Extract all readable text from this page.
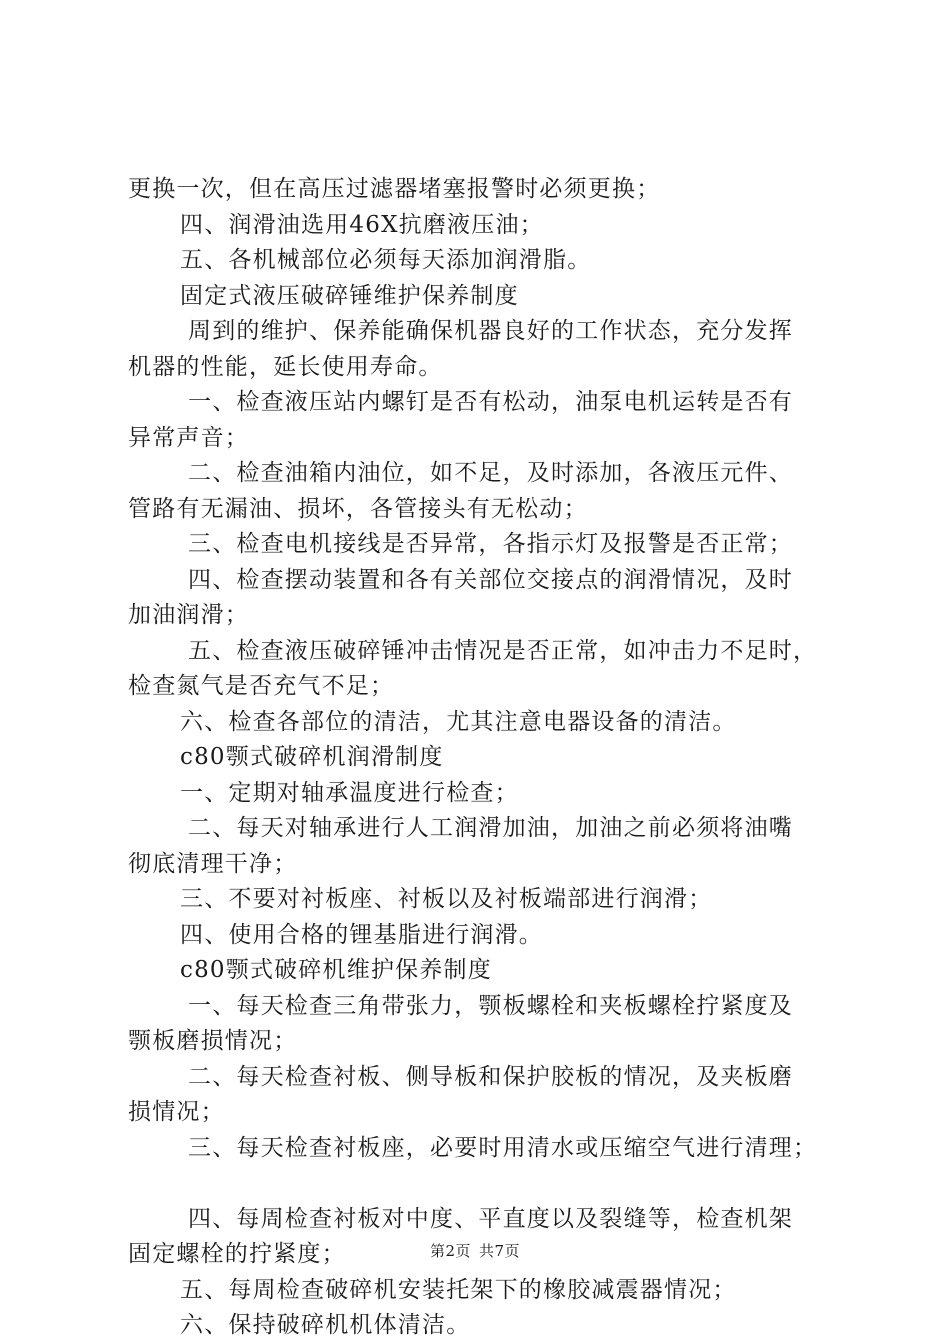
更换一次，但在高压过滤器堵塞报警时必须更换；
四、润滑油选用46X抗磨液压油；
五、各机械部位必须每天添加润滑脂。
固定式液压破碎锤维护保养制度
周到的维护、保养能确保机器良好的工作状态，充分发挥
机器的性能，延长使用寿命。
一、检查液压站内螺钉是否有松动，油泵电机运转是否有
异常声音；
二、检查油箱内油位，如不足，及时添加，各液压元件、
管路有无漏油、损坏，各管接头有无松动；
三、检查电机接线是否异常，各指示灯及报警是否正常；
四、检查摆动装置和各有关部位交接点的润滑情况，及时
加油润滑；
五、检查液压破碎锤冲击情况是否正常，如冲击力不足时，
检查氮气是否充气不足；
六、检查各部位的清洁，尤其注意电器设备的清洁。
c80颚式破碎机润滑制度
一、定期对轴承温度进行检查；
二、每天对轴承进行人工润滑加油，加油之前必须将油嘴
彻底清理干净；
三、不要对衬板座、衬板以及衬板端部进行润滑；
四、使用合格的锂基脂进行润滑。
c80颚式破碎机维护保养制度
一、每天检查三角带张力，颚板螺栓和夹板螺栓拧紧度及
颚板磨损情况；
二、每天检查衬板、侧导板和保护胶板的情况，及夹板磨
损情况；
三、每天检查衬板座，必要时用清水或压缩空气进行清理；
四、每周检查衬板对中度、平直度以及裂缝等，检查机架
固定螺栓的拧紧度；
五、每周检查破碎机安装托架下的橡胶减震器情况；
六、保持破碎机机体清洁。
第2页 共7页
